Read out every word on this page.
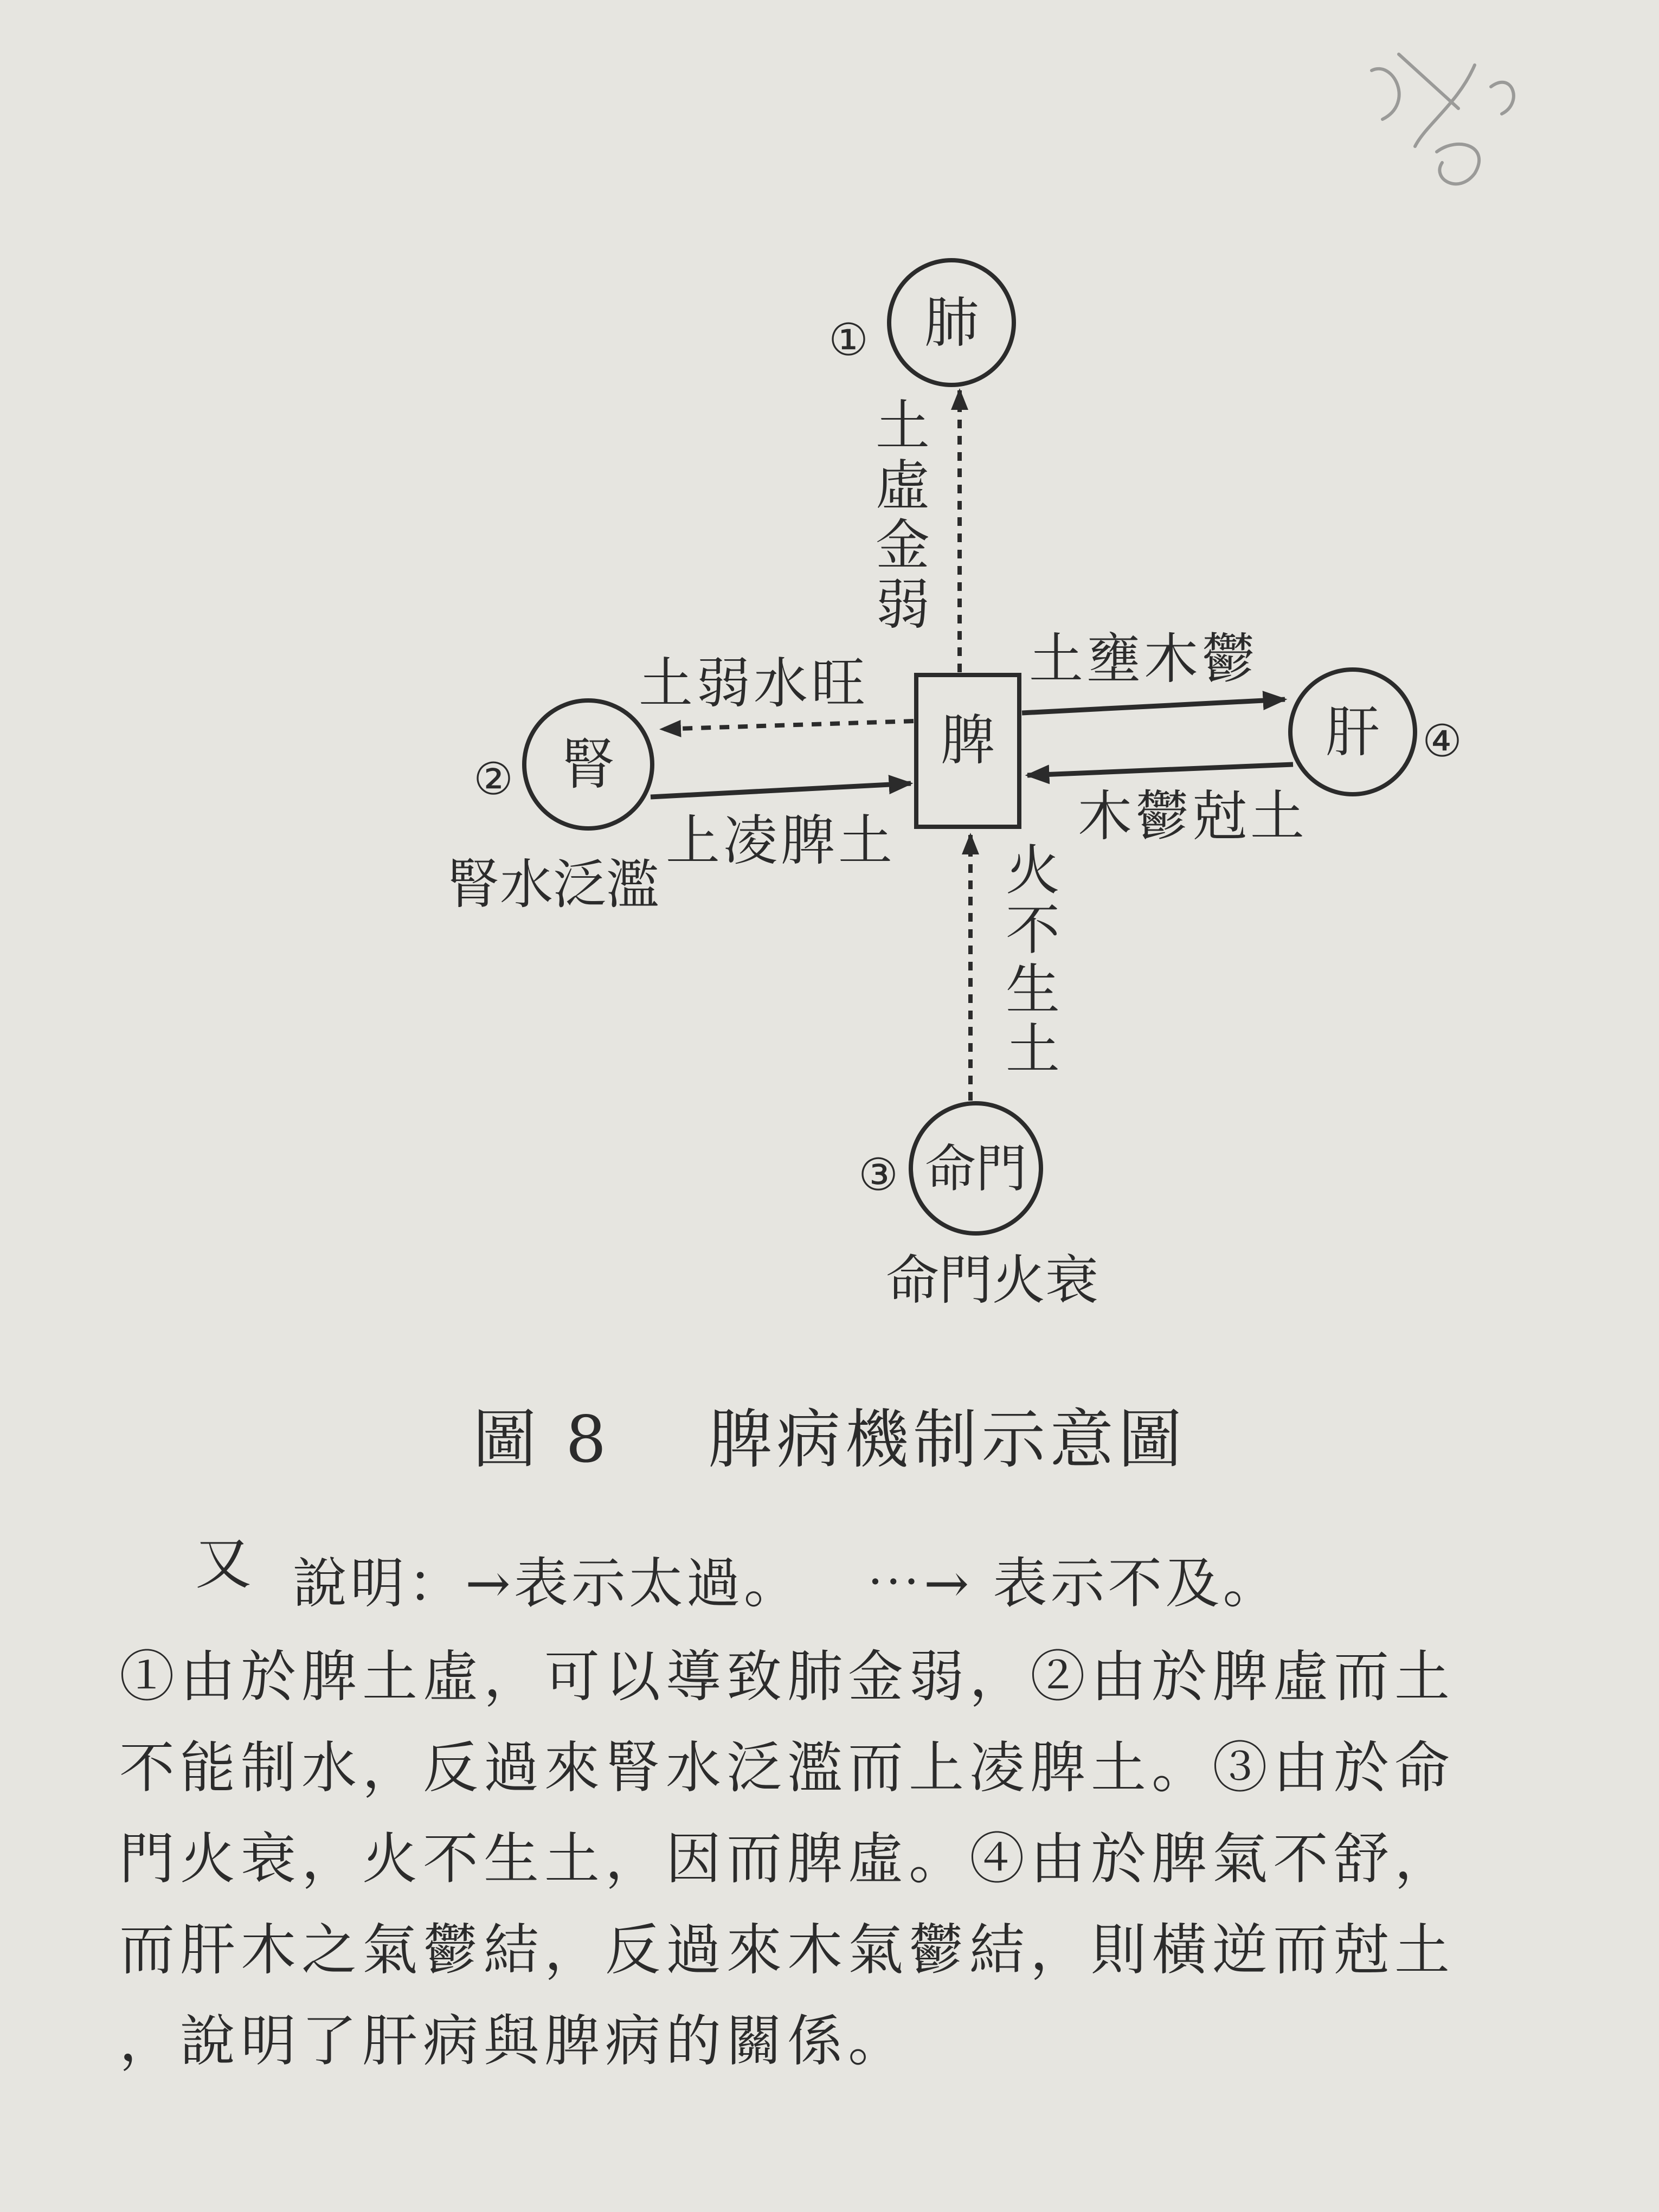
脾
肺
①
腎
②
腎水泛濫
肝 ④
命門
③
命門火衰
土虛金弱
火不生土
土弱水旺
上凌脾土
土壅木鬱
木鬱尅土
圖 8 脾病機制示意圖
又 說明：→表示太過。 ⋯→ 表示不及。

①由於脾土虛，可以導致肺金弱，②由於脾虛而土

不能制水，反過來腎水泛濫而上凌脾土。③由於命

門火衰，火不生土，因而脾虛。④由於脾氣不舒，

而肝木之氣鬱結，反過來木氣鬱結，則橫逆而尅土

，說明了肝病與脾病的關係。
